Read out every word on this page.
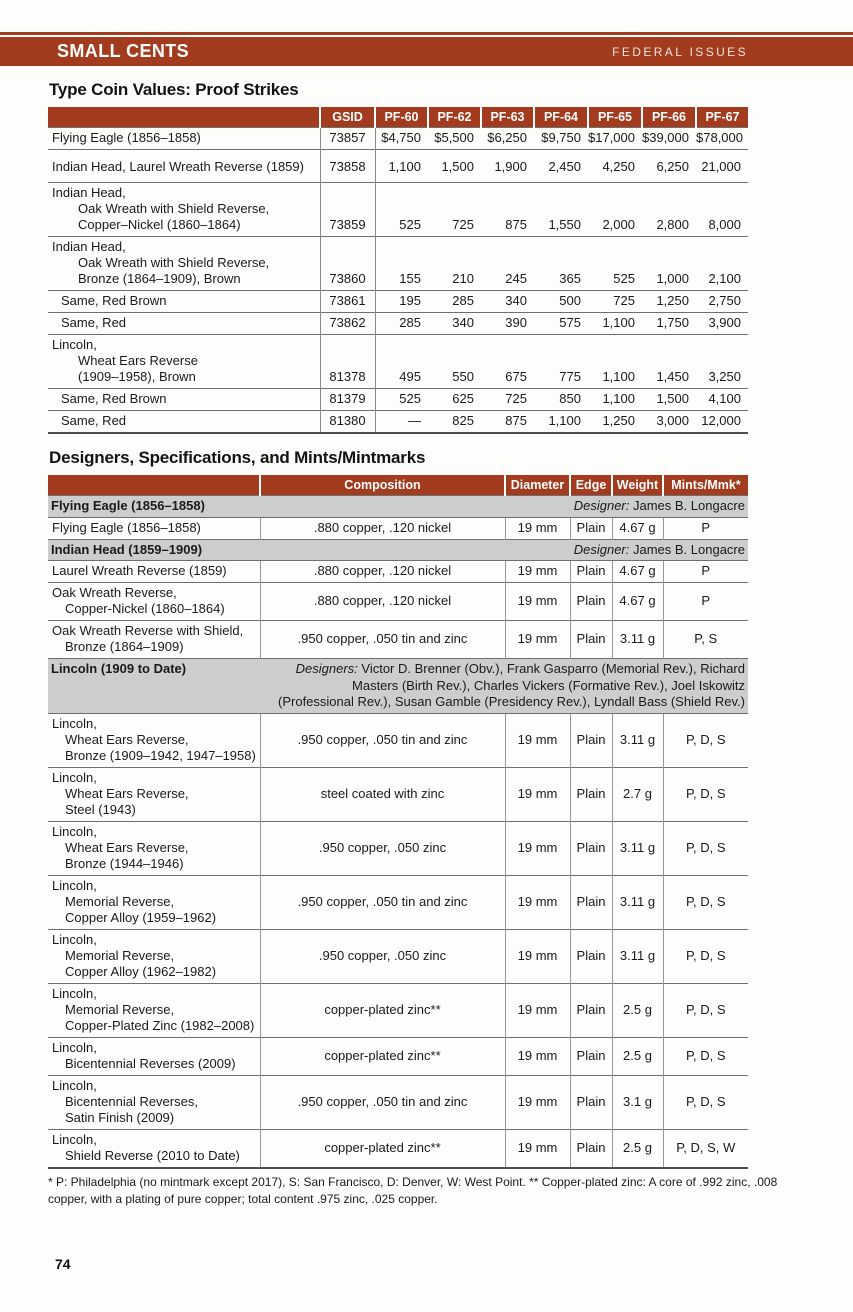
SMALL CENTS	FEDERAL ISSUES
Type Coin Values: Proof Strikes
	GSID	PF-60	PF-62	PF-63	PF-64	PF-65	PF-66	PF-67

Flying Eagle (1856–1858)	73857	$4,750	$5,500	$6,250	$9,750	$17,000	$39,000	$78,000

Indian Head, Laurel Wreath Reverse (1859)	73858	1,100	1,500	1,900	2,450	4,250	6,250	21,000

Indian Head,
Oak Wreath with Shield Reverse,
Copper–Nickel (1860–1864)	73859	525	725	875	1,550	2,000	2,800	8,000

Indian Head,
Oak Wreath with Shield Reverse,
Bronze (1864–1909), Brown	73860	155	210	245	365	525	1,000	2,100

Same, Red Brown	73861	195	285	340	500	725	1,250	2,750

Same, Red	73862	285	340	390	575	1,100	1,750	3,900

Lincoln,
Wheat Ears Reverse
(1909–1958), Brown	81378	495	550	675	775	1,100	1,450	3,250

Same, Red Brown	81379	525	625	725	850	1,100	1,500	4,100

Same, Red	81380	—	825	875	1,100	1,250	3,000	12,000
Designers, Specifications, and Mints/Mintmarks
	Composition	Diameter	Edge	Weight	Mints/Mmk*

Flying Eagle (1856–1858) Designer: James B. Longacre					

Flying Eagle (1856–1858)	.880 copper, .120 nickel	19 mm	Plain	4.67 g	P

Indian Head (1859–1909) Designer: James B. Longacre					

Laurel Wreath Reverse (1859)	.880 copper, .120 nickel	19 mm	Plain	4.67 g	P

Oak Wreath Reverse,
Copper-Nickel (1860–1864)	.880 copper, .120 nickel	19 mm	Plain	4.67 g	P

Oak Wreath Reverse with Shield,
Bronze (1864–1909)	.950 copper, .050 tin and zinc	19 mm	Plain	3.11 g	P, S

Lincoln (1909 to Date) Designers: Victor D. Brenner (Obv.), Frank Gasparro (Memorial Rev.), Richard Masters (Birth Rev.), Charles Vickers (Formative Rev.), Joel Iskowitz (Professional Rev.), Susan Gamble (Presidency Rev.), Lyndall Bass (Shield Rev.)					

Lincoln,
Wheat Ears Reverse,
Bronze (1909–1942, 1947–1958)	.950 copper, .050 tin and zinc	19 mm	Plain	3.11 g	P, D, S

Lincoln,
Wheat Ears Reverse,
Steel (1943)	steel coated with zinc	19 mm	Plain	2.7 g	P, D, S

Lincoln,
Wheat Ears Reverse,
Bronze (1944–1946)	.950 copper, .050 zinc	19 mm	Plain	3.11 g	P, D, S

Lincoln,
Memorial Reverse,
Copper Alloy (1959–1962)	.950 copper, .050 tin and zinc	19 mm	Plain	3.11 g	P, D, S

Lincoln,
Memorial Reverse,
Copper Alloy (1962–1982)	.950 copper, .050 zinc	19 mm	Plain	3.11 g	P, D, S

Lincoln,
Memorial Reverse,
Copper-Plated Zinc (1982–2008)	copper-plated zinc**	19 mm	Plain	2.5 g	P, D, S

Lincoln,
Bicentennial Reverses (2009)	copper-plated zinc**	19 mm	Plain	2.5 g	P, D, S

Lincoln,
Bicentennial Reverses,
Satin Finish (2009)	.950 copper, .050 tin and zinc	19 mm	Plain	3.1 g	P, D, S

Lincoln,
Shield Reverse (2010 to Date)	copper-plated zinc**	19 mm	Plain	2.5 g	P, D, S, W
* P: Philadelphia (no mintmark except 2017), S: San Francisco, D: Denver, W: West Point. ** Copper-plated zinc: A core of .992 zinc, .008 copper, with a plating of pure copper; total content .975 zinc, .025 copper.
74
